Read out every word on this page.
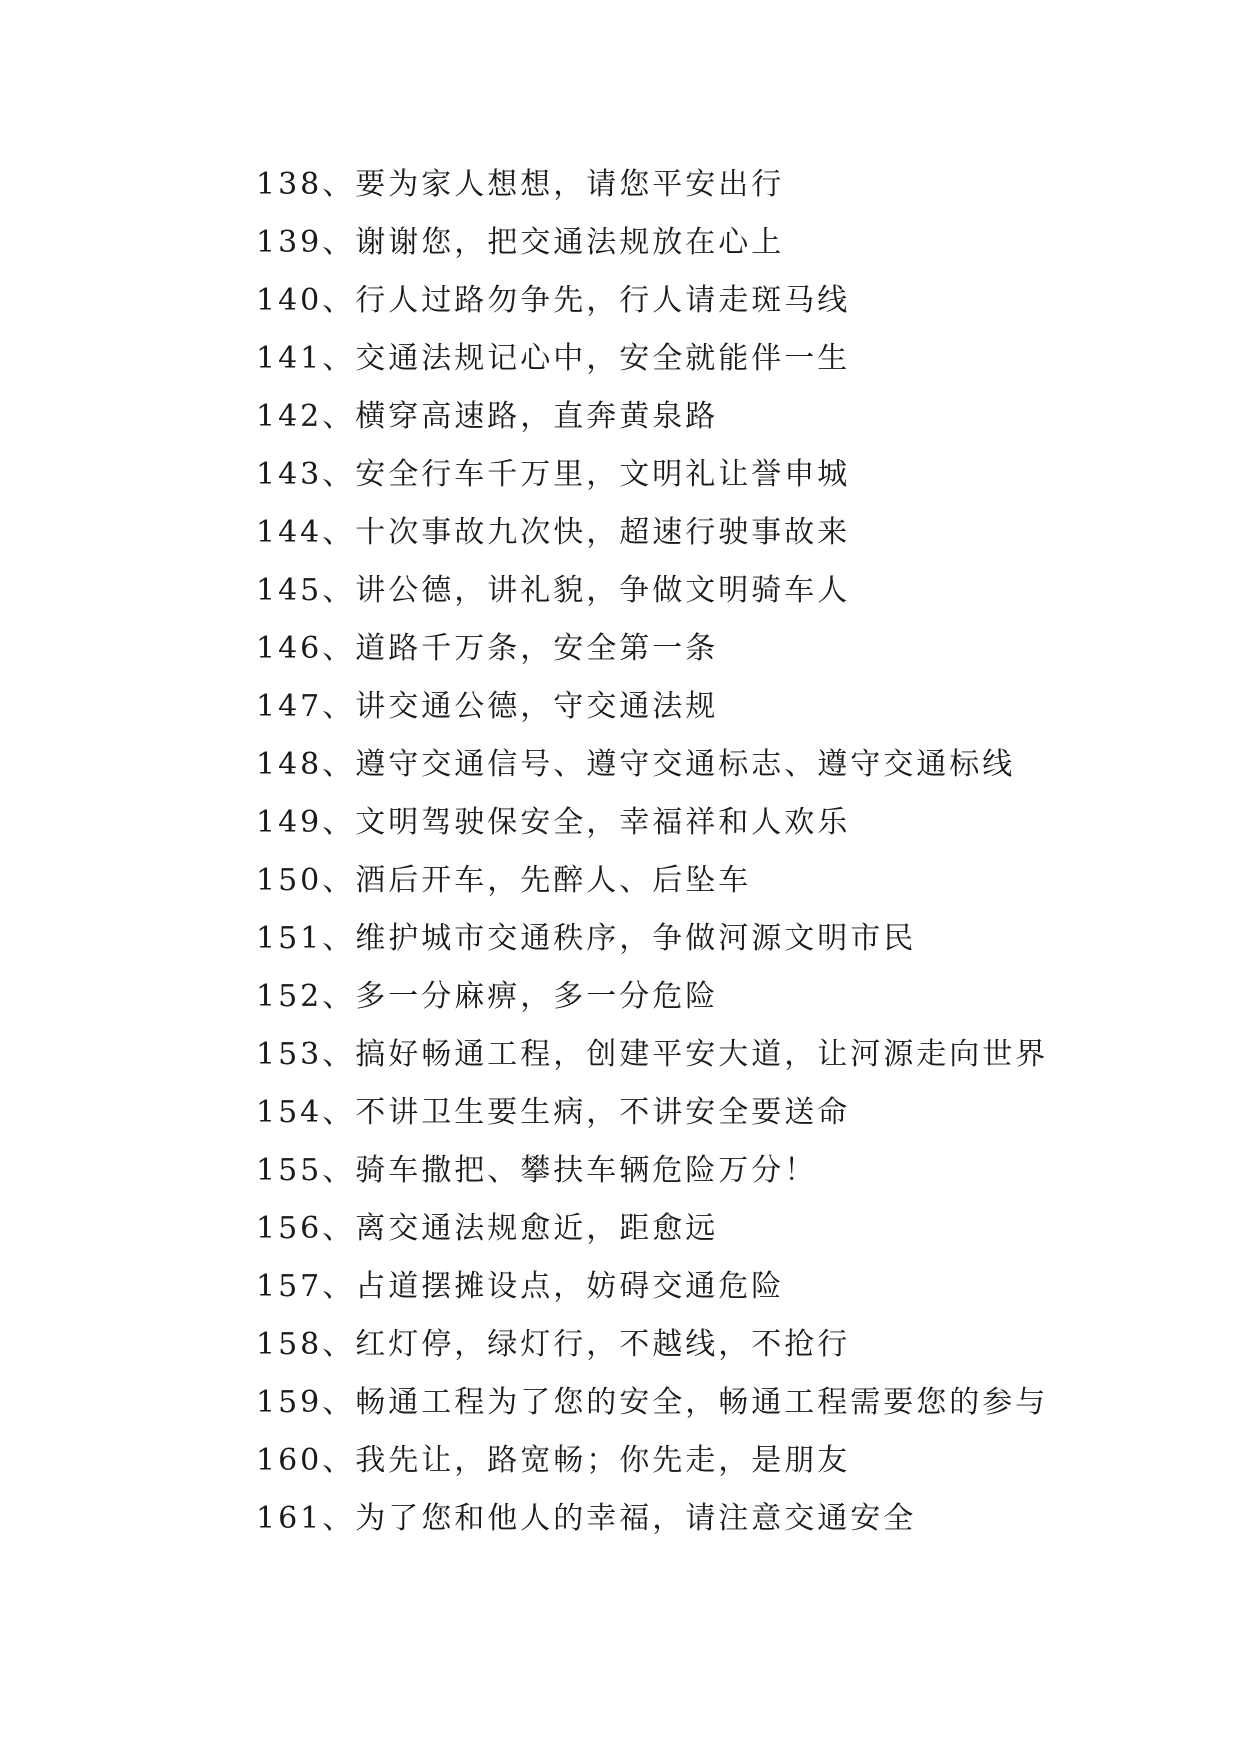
138、要为家人想想，请您平安出行
139、谢谢您，把交通法规放在心上
140、行人过路勿争先，行人请走斑马线
141、交通法规记心中，安全就能伴一生
142、横穿高速路，直奔黄泉路
143、安全行车千万里，文明礼让誉申城
144、十次事故九次快，超速行驶事故来
145、讲公德，讲礼貌，争做文明骑车人
146、道路千万条，安全第一条
147、讲交通公德，守交通法规
148、遵守交通信号、遵守交通标志、遵守交通标线
149、文明驾驶保安全，幸福祥和人欢乐
150、酒后开车，先醉人、后坠车
151、维护城市交通秩序，争做河源文明市民
152、多一分麻痹，多一分危险
153、搞好畅通工程，创建平安大道，让河源走向世界
154、不讲卫生要生病，不讲安全要送命
155、骑车撒把、攀扶车辆危险万分！
156、离交通法规愈近，距愈远
157、占道摆摊设点，妨碍交通危险
158、红灯停，绿灯行，不越线，不抢行
159、畅通工程为了您的安全，畅通工程需要您的参与
160、我先让，路宽畅；你先走，是朋友
161、为了您和他人的幸福，请注意交通安全
